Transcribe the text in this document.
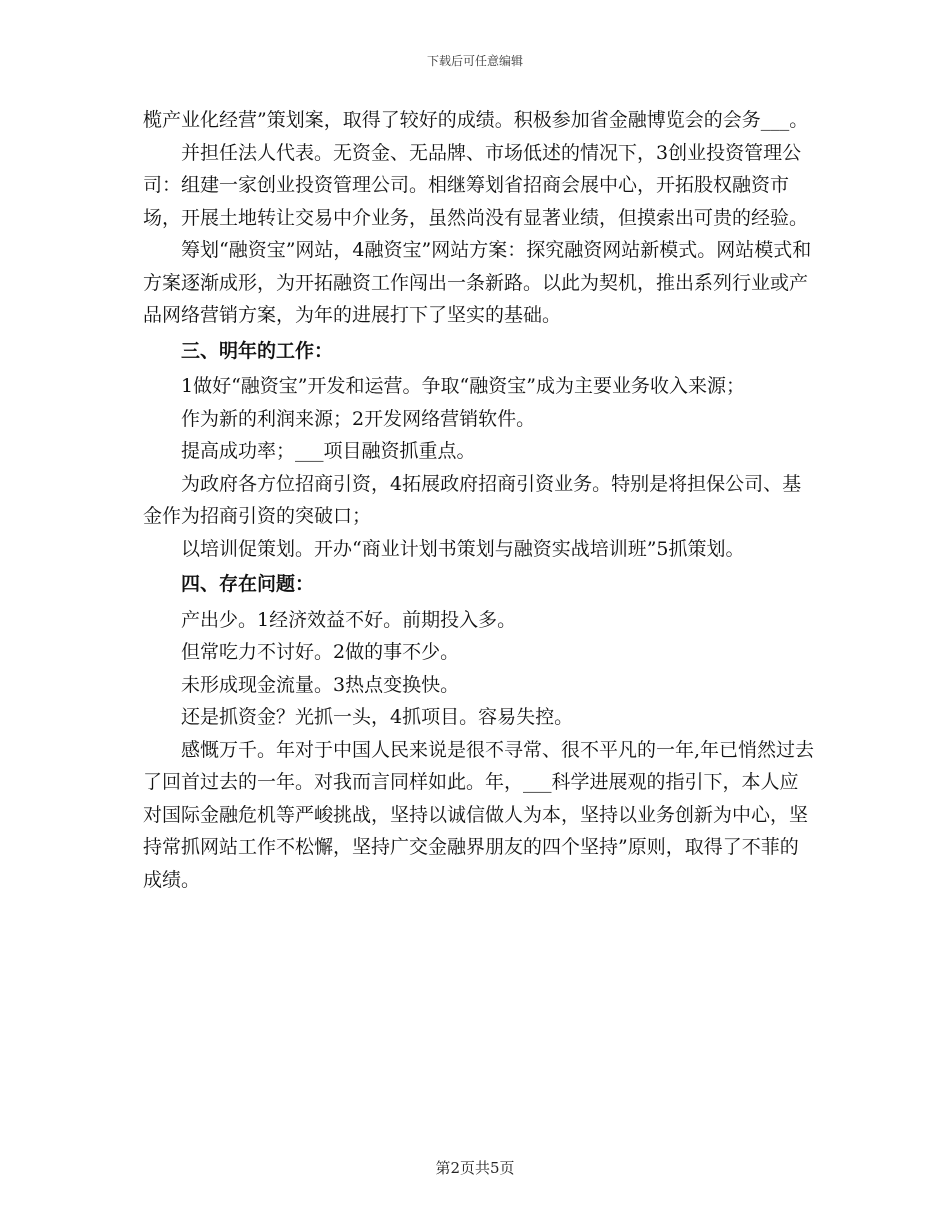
下载后可任意编辑

榄产业化经营”策划案，取得了较好的成绩。积极参加省金融博览会的会务___。

并担任法人代表。无资金、无品牌、市场低述的情况下，3创业投资管理公司：组建一家创业投资管理公司。相继筹划省招商会展中心，开拓股权融资市场，开展土地转让交易中介业务，虽然尚没有显著业绩，但摸索出可贵的经验。

筹划“融资宝”网站，4融资宝”网站方案：探究融资网站新模式。网站模式和方案逐渐成形，为开拓融资工作闯出一条新路。以此为契机，推出系列行业或产品网络营销方案，为年的进展打下了坚实的基础。

三、明年的工作：

1做好“融资宝”开发和运营。争取“融资宝”成为主要业务收入来源；

作为新的利润来源；2开发网络营销软件。

提高成功率；___项目融资抓重点。

为政府各方位招商引资，4拓展政府招商引资业务。特别是将担保公司、基金作为招商引资的突破口；

以培训促策划。开办“商业计划书策划与融资实战培训班”5抓策划。

四、存在问题：

产出少。1经济效益不好。前期投入多。

但常吃力不讨好。2做的事不少。

未形成现金流量。3热点变换快。

还是抓资金？光抓一头，4抓项目。容易失控。

感慨万千。年对于中国人民来说是很不寻常、很不平凡的一年,年已悄然过去了回首过去的一年。对我而言同样如此。年，___科学进展观的指引下，本人应对国际金融危机等严峻挑战，坚持以诚信做人为本，坚持以业务创新为中心，坚持常抓网站工作不松懈，坚持广交金融界朋友的四个坚持”原则，取得了不菲的成绩。

第2页共5页
